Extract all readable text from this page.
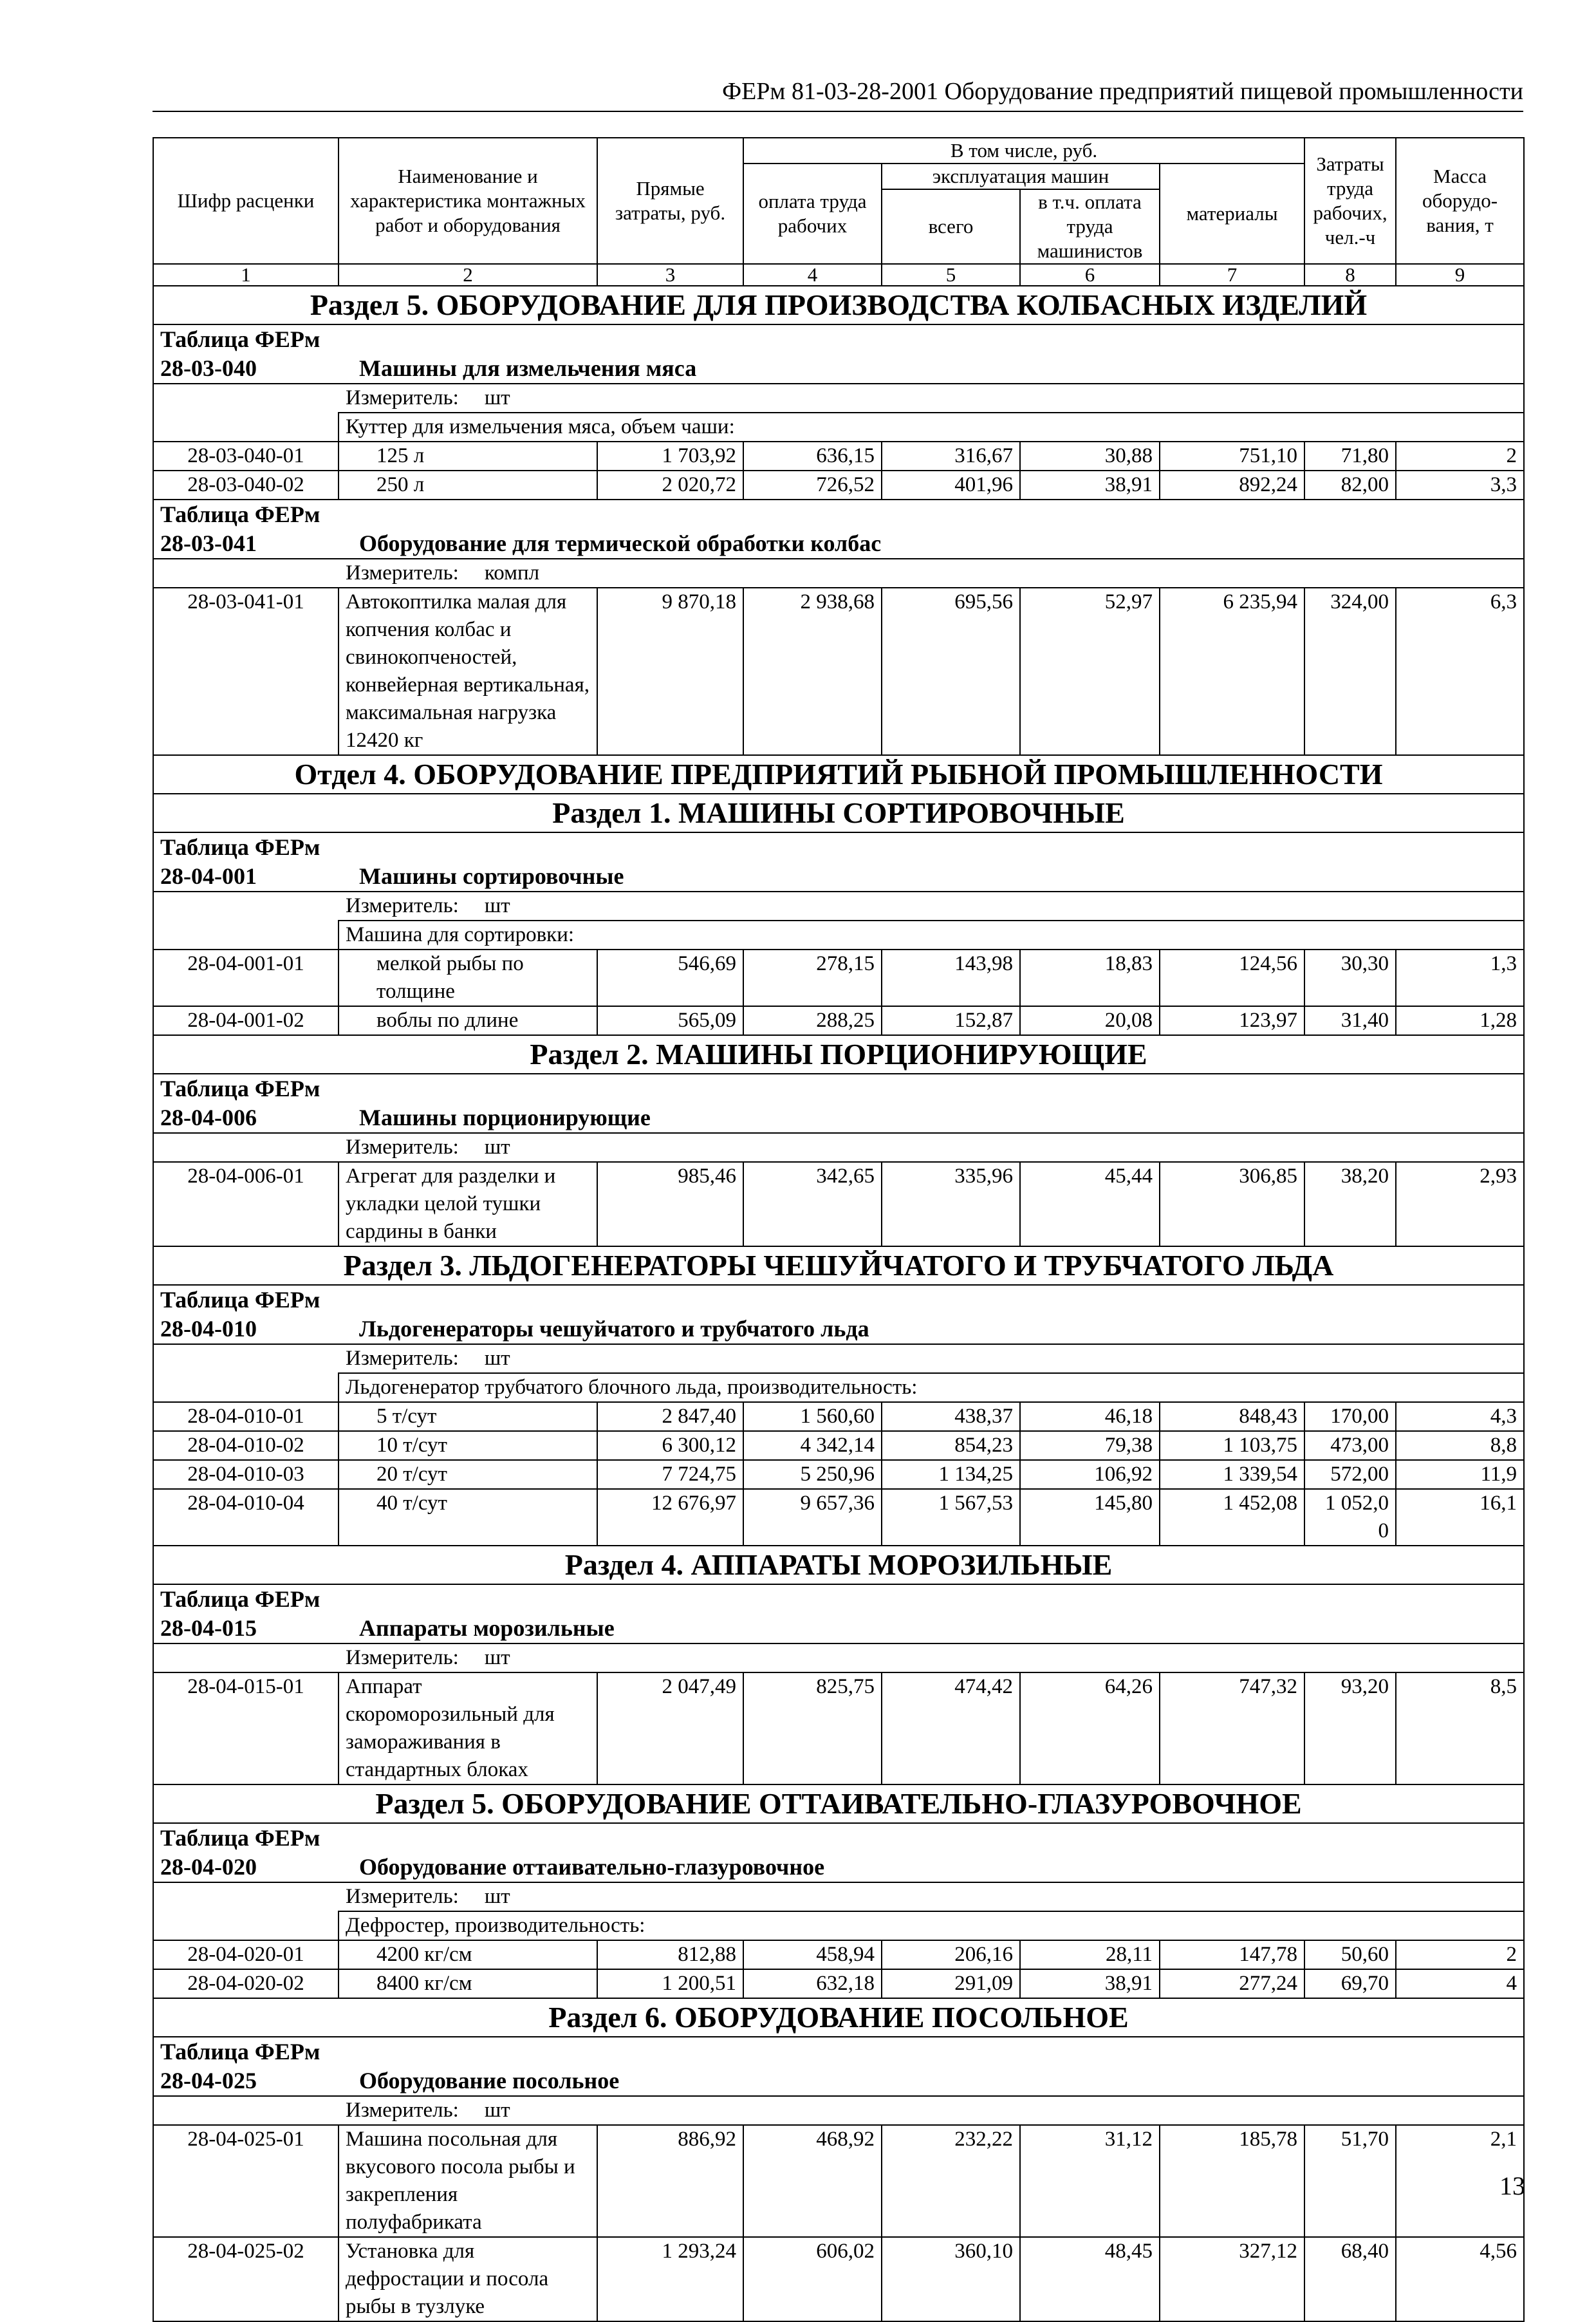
ФЕРм 81-03-28-2001 Оборудование предприятий пищевой промышленности
Шифр расценки	Наименование и характеристика монтажных работ и оборудования	Прямые затраты, руб.	В том числе, руб.				Затраты труда рабочих, чел.-ч	Масса оборудо-вания, т
			оплата труда рабочих	эксплуатация машин		материалы		
				всего	в т.ч. оплата труда машинистов			

1	2	3	4	5	6	7	8	9
Раздел 5. ОБОРУДОВАНИЕ ДЛЯ ПРОИЗВОДСТВА КОЛБАСНЫХ ИЗДЕЛИЙ								
Таблица ФЕРм 28-03-040 Машины для измельчения мяса								
Измеритель: шт								
	Куттер для измельчения мяса, объем чаши:							
28-03-040-01	125 л	1 703,92	636,15	316,67	30,88	751,10	71,80	2
28-03-040-02	250 л	2 020,72	726,52	401,96	38,91	892,24	82,00	3,3
Таблица ФЕРм 28-03-041 Оборудование для термической обработки колбас								
Измеритель: компл								
28-03-041-01	Автокоптилка малая для копчения колбас и свинокопченостей, конвейерная вертикальная, максимальная нагрузка 12420 кг	9 870,18	2 938,68	695,56	52,97	6 235,94	324,00	6,3
Отдел 4. ОБОРУДОВАНИЕ ПРЕДПРИЯТИЙ РЫБНОЙ ПРОМЫШЛЕННОСТИ								
Раздел 1. МАШИНЫ СОРТИРОВОЧНЫЕ								
Таблица ФЕРм 28-04-001 Машины сортировочные								
Измеритель: шт								
	Машина для сортировки:							
28-04-001-01	мелкой рыбы по толщине	546,69	278,15	143,98	18,83	124,56	30,30	1,3
28-04-001-02	воблы по длине	565,09	288,25	152,87	20,08	123,97	31,40	1,28
Раздел 2. МАШИНЫ ПОРЦИОНИРУЮЩИЕ								
Таблица ФЕРм 28-04-006 Машины порционирующие								
Измеритель: шт								
28-04-006-01	Агрегат для разделки и укладки целой тушки сардины в банки	985,46	342,65	335,96	45,44	306,85	38,20	2,93
Раздел 3. ЛЬДОГЕНЕРАТОРЫ ЧЕШУЙЧАТОГО И ТРУБЧАТОГО ЛЬДА								
Таблица ФЕРм 28-04-010 Льдогенераторы чешуйчатого и трубчатого льда								
Измеритель: шт								
	Льдогенератор трубчатого блочного льда, производительность:							
28-04-010-01	5 т/сут	2 847,40	1 560,60	438,37	46,18	848,43	170,00	4,3
28-04-010-02	10 т/сут	6 300,12	4 342,14	854,23	79,38	1 103,75	473,00	8,8
28-04-010-03	20 т/сут	7 724,75	5 250,96	1 134,25	106,92	1 339,54	572,00	11,9
28-04-010-04	40 т/сут	12 676,97	9 657,36	1 567,53	145,80	1 452,08	1 052,0 0	16,1
Раздел 4. АППАРАТЫ МОРОЗИЛЬНЫЕ								
Таблица ФЕРм 28-04-015 Аппараты морозильные								
Измеритель: шт								
28-04-015-01	Аппарат скороморозильный для замораживания в стандартных блоках	2 047,49	825,75	474,42	64,26	747,32	93,20	8,5
Раздел 5. ОБОРУДОВАНИЕ ОТТАИВАТЕЛЬНО-ГЛАЗУРОВОЧНОЕ								
Таблица ФЕРм 28-04-020 Оборудование оттаивательно-глазуровочное								
Измеритель: шт								
	Дефростер, производительность:							
28-04-020-01	4200 кг/см	812,88	458,94	206,16	28,11	147,78	50,60	2
28-04-020-02	8400 кг/см	1 200,51	632,18	291,09	38,91	277,24	69,70	4
Раздел 6. ОБОРУДОВАНИЕ ПОСОЛЬНОЕ								
Таблица ФЕРм 28-04-025 Оборудование посольное								
Измеритель: шт								
28-04-025-01	Машина посольная для вкусового посола рыбы и закрепления полуфабриката	886,92	468,92	232,22	31,12	185,78	51,70	2,1
28-04-025-02	Установка для дефростации и посола рыбы в тузлуке	1 293,24	606,02	360,10	48,45	327,12	68,40	4,56
13
